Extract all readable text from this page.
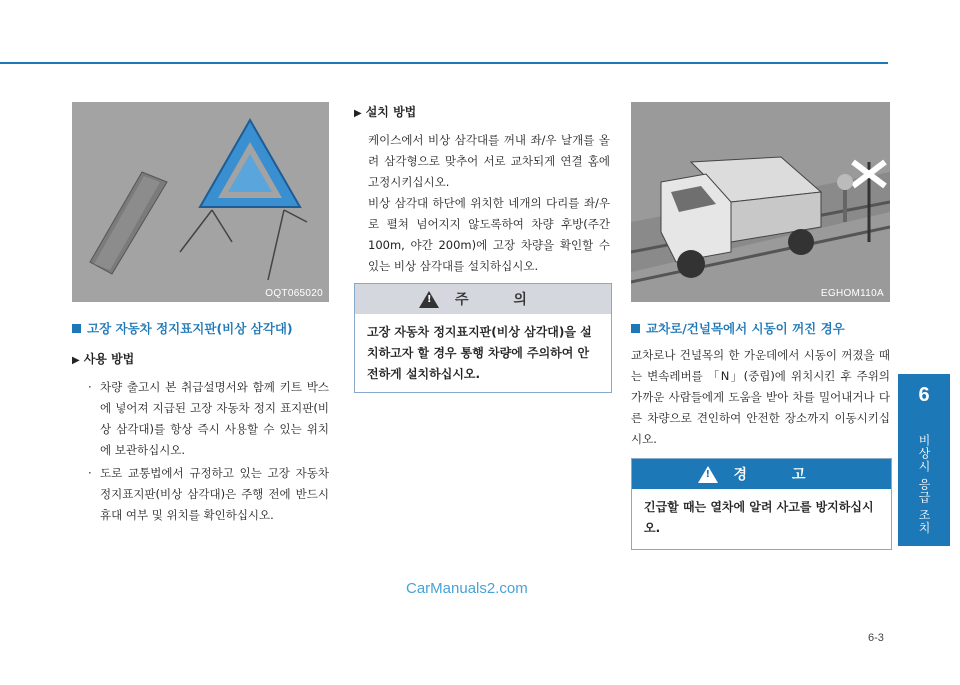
OQT065020
고장 자동차 정지표지판(비상 삼각대)
▶ 사용 방법
· 차량 출고시 본 취급설명서와 함께 키트 박스에 넣어져 지급된 고장 자동차 정지 표지판(비상 삼각대)를 항상 즉시 사용할 수 있는 위치에 보관하십시오.
· 도로 교통법에서 규정하고 있는 고장 자동차 정지표지판(비상 삼각대)은 주행 전에 반드시 휴대 여부 및 위치를 확인하십시오.
▶ 설치 방법
케이스에서 비상 삼각대를 꺼내 좌/우 날개를 올려 삼각형으로 맞추어 서로 교차되게 연결 홈에 고정시키십시오.
비상 삼각대 하단에 위치한 네개의 다리를 좌/우로 펼쳐 넘어지지 않도록하여 차량 후방(주간 100m, 야간 200m)에 고장 차량을 확인할 수 있는 비상 삼각대를 설치하십시오.
!
주 의
고장 자동차 정지표지판(비상 삼각대)을 설치하고자 할 경우 통행 차량에 주의하여 안전하게 설치하십시오.
EGHOM110A
교차로/건널목에서 시동이 꺼진 경우
교차로나 건널목의 한 가운데에서 시동이 꺼졌을 때는 변속레버를 「N」(중립)에 위치시킨 후 주위의 가까운 사람들에게 도움을 받아 차를 밀어내거나 다른 차량으로 견인하여 안전한 장소까지 이동시키십시오.
!
경 고
긴급할 때는 열차에 알려 사고를 방지하십시오.
6
비상시 응급 조치
CarManuals2.com
6-3
